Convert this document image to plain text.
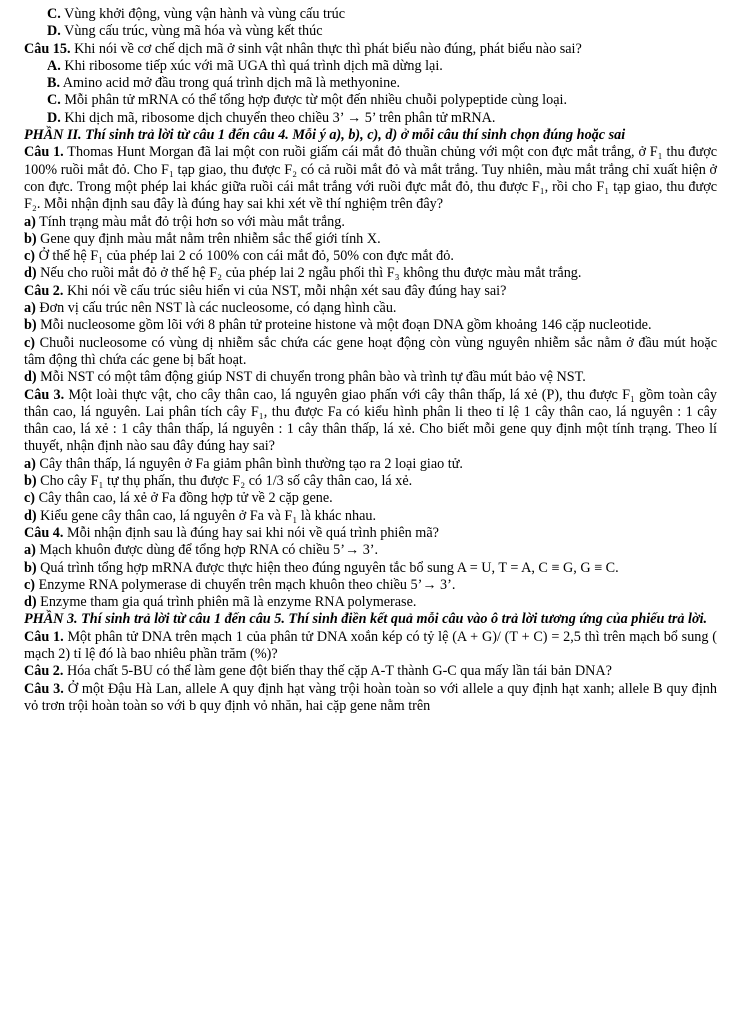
C. Vùng khởi động, vùng vận hành và vùng cấu trúc

D. Vùng cấu trúc, vùng mã hóa và vùng kết thúc

Câu 15. Khi nói về cơ chế dịch mã ở sinh vật nhân thực thì phát biểu nào đúng, phát biểu nào sai?

A. Khi ribosome tiếp xúc với mã UGA thì quá trình dịch mã dừng lại.

B. Amino acid mở đầu trong quá trình dịch mã là methyonine.

C. Mỗi phân tử mRNA có thể tổng hợp được từ một đến nhiều chuỗi polypeptide cùng loại.

D. Khi dịch mã, ribosome dịch chuyển theo chiều 3’ → 5’ trên phân tử mRNA.

PHẦN II. Thí sinh trả lời từ câu 1 đến câu 4. Mỗi ý a), b), c), d) ở mỗi câu thí sinh chọn đúng hoặc sai

Câu 1. Thomas Hunt Morgan đã lai một con ruồi giấm cái mắt đỏ thuần chủng với một con đực mắt trắng, ở F₁ thu được 100% ruồi mắt đỏ. Cho F₁ tạp giao, thu được F₂ có cả ruồi mắt đỏ và mắt trắng. Tuy nhiên, màu mắt trắng chỉ xuất hiện ở con đực. Trong một phép lai khác giữa ruồi cái mắt trắng với ruồi đực mắt đỏ, thu được F₁, rồi cho F₁ tạp giao, thu được F₂. Mỗi nhận định sau đây là đúng hay sai khi xét về thí nghiệm trên đây?

a) Tính trạng màu mắt đỏ trội hơn so với màu mắt trắng.

b) Gene quy định màu mắt nằm trên nhiễm sắc thể giới tính X.

c) Ở thế hệ F₁ của phép lai 2 có 100% con cái mắt đỏ, 50% con đực mắt đỏ.

d) Nếu cho ruồi mắt đỏ ở thế hệ F₂ của phép lai 2 ngẫu phối thì F₃ không thu được màu mắt trắng.

Câu 2. Khi nói về cấu trúc siêu hiển vi của NST, mỗi nhận xét sau đây đúng hay sai?

a) Đơn vị cấu trúc nên NST là các nucleosome, có dạng hình cầu.

b) Mỗi nucleosome gồm lõi với 8 phân tử proteine histone và một đoạn DNA gồm khoảng 146 cặp nucleotide.

c) Chuỗi nucleosome có vùng dị nhiễm sắc chứa các gene hoạt động còn vùng nguyên nhiễm sắc nằm ở đầu mút hoặc tâm động thì chứa các gene bị bất hoạt.

d) Mỗi NST có một tâm động giúp NST di chuyển trong phân bào và trình tự đầu mút bảo vệ NST.

Câu 3. Một loài thực vật, cho cây thân cao, lá nguyên giao phấn với cây thân thấp, lá xẻ (P), thu được F₁ gồm toàn cây thân cao, lá nguyên. Lai phân tích cây F₁, thu được Fa có kiểu hình phân li theo tỉ lệ 1 cây thân cao, lá nguyên : 1 cây thân cao, lá xẻ : 1 cây thân thấp, lá nguyên : 1 cây thân thấp, lá xẻ. Cho biết mỗi gene quy định một tính trạng. Theo lí thuyết, nhận định nào sau đây đúng hay sai?

a) Cây thân thấp, lá nguyên ở Fa giảm phân bình thường tạo ra 2 loại giao tử.

b) Cho cây F₁ tự thụ phấn, thu được F₂ có 1/3 số cây thân cao, lá xẻ.

c) Cây thân cao, lá xẻ ở Fa đồng hợp tử về 2 cặp gene.

d) Kiểu gene cây thân cao, lá nguyên ở Fa và F₁ là khác nhau.

Câu 4. Mỗi nhận định sau là đúng hay sai khi nói về quá trình phiên mã?

a) Mạch khuôn được dùng để tổng hợp RNA có chiều 5’→ 3’.

b) Quá trình tổng hợp mRNA được thực hiện theo đúng nguyên tắc bổ sung A = U, T = A, C ≡ G, G ≡ C.

c) Enzyme RNA polymerase di chuyển trên mạch khuôn theo chiều 5’→ 3’.

d) Enzyme tham gia quá trình phiên mã là enzyme RNA polymerase.

PHẦN 3. Thí sinh trả lời từ câu 1 đến câu 5. Thí sinh điền kết quả mỗi câu vào ô trả lời tương ứng của phiếu trả lời.

Câu 1. Một phân tử DNA trên mạch 1 của phân tử DNA xoắn kép có tỷ lệ (A + G)/ (T + C) = 2,5 thì trên mạch bổ sung ( mạch 2) tỉ lệ đó là bao nhiêu phần trăm (%)?

Câu 2. Hóa chất 5-BU có thể làm gene đột biến thay thế cặp A-T thành G-C qua mấy lần tái bản DNA?

Câu 3. Ở một Đậu Hà Lan, allele A quy định hạt vàng trội hoàn toàn so với allele a quy định hạt xanh; allele B quy định vỏ trơn trội hoàn toàn so với b quy định vỏ nhăn, hai cặp gene nằm trên
